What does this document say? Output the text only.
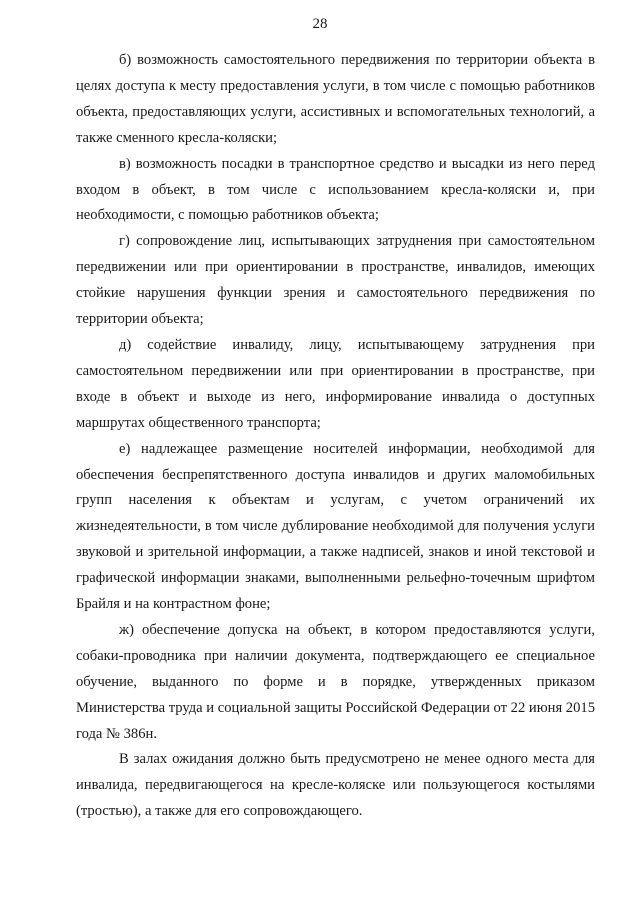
28

б) возможность самостоятельного передвижения по территории объекта в целях доступа к месту предоставления услуги, в том числе с помощью работников объекта, предоставляющих услуги, ассистивных и вспомогательных технологий, а также сменного кресла-коляски;

в) возможность посадки в транспортное средство и высадки из него перед входом в объект, в том числе с использованием кресла-коляски и, при необходимости, с помощью работников объекта;

г) сопровождение лиц, испытывающих затруднения при самостоятельном передвижении или при ориентировании в пространстве, инвалидов, имеющих стойкие нарушения функции зрения и самостоятельного передвижения по территории объекта;

д) содействие инвалиду, лицу, испытывающему затруднения при самостоятельном передвижении или при ориентировании в пространстве, при входе в объект и выходе из него, информирование инвалида о доступных маршрутах общественного транспорта;

е) надлежащее размещение носителей информации, необходимой для обеспечения беспрепятственного доступа инвалидов и других маломобильных групп населения к объектам и услугам, с учетом ограничений их жизнедеятельности, в том числе дублирование необходимой для получения услуги звуковой и зрительной информации, а также надписей, знаков и иной текстовой и графической информации знаками, выполненными рельефно-точечным шрифтом Брайля и на контрастном фоне;

ж) обеспечение допуска на объект, в котором предоставляются услуги, собаки-проводника при наличии документа, подтверждающего ее специальное обучение, выданного по форме и в порядке, утвержденных приказом Министерства труда и социальной защиты Российской Федерации от 22 июня 2015 года № 386н.

В залах ожидания должно быть предусмотрено не менее одного места для инвалида, передвигающегося на кресле-коляске или пользующегося костылями (тростью), а также для его сопровождающего.
